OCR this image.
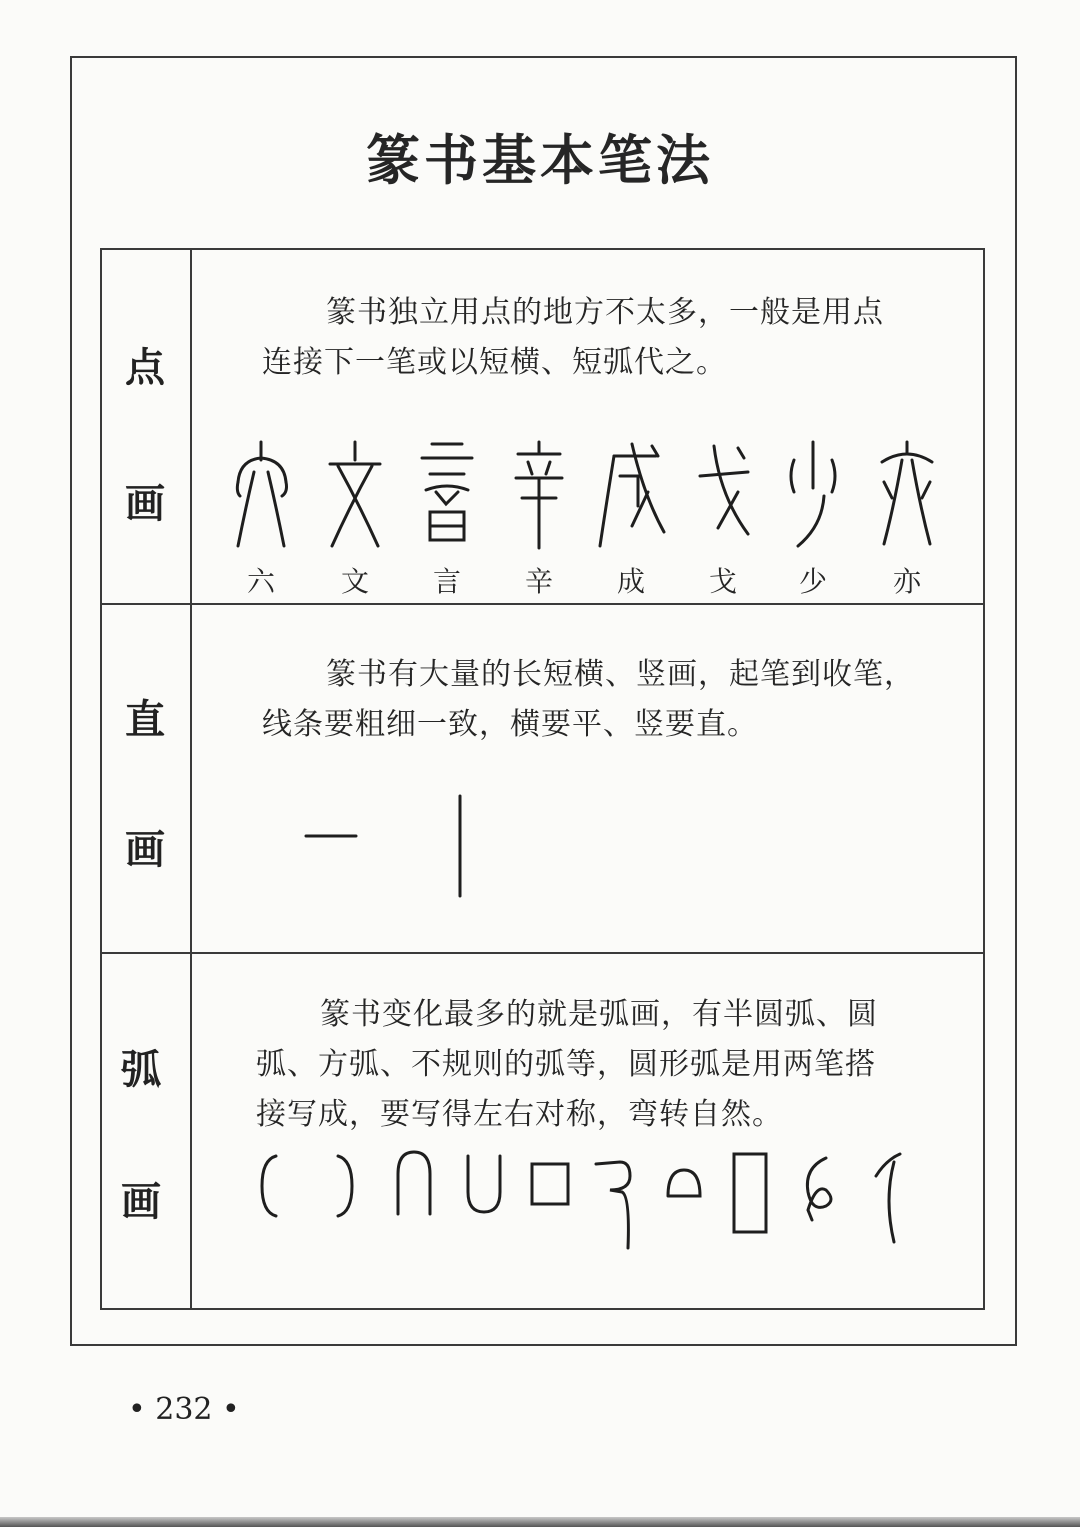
篆书基本笔法
点
画
篆书独立用点的地方不太多，一般是用点
连接下一笔或以短横、短弧代之。
六	文	言	辛	成	戈	少	亦
直
画
篆书有大量的长短横、竖画，起笔到收笔，
线条要粗细一致，横要平、竖要直。
弧
画
篆书变化最多的就是弧画，有半圆弧、圆
弧、方弧、不规则的弧等，圆形弧是用两笔搭
接写成，要写得左右对称，弯转自然。
• 232 •
